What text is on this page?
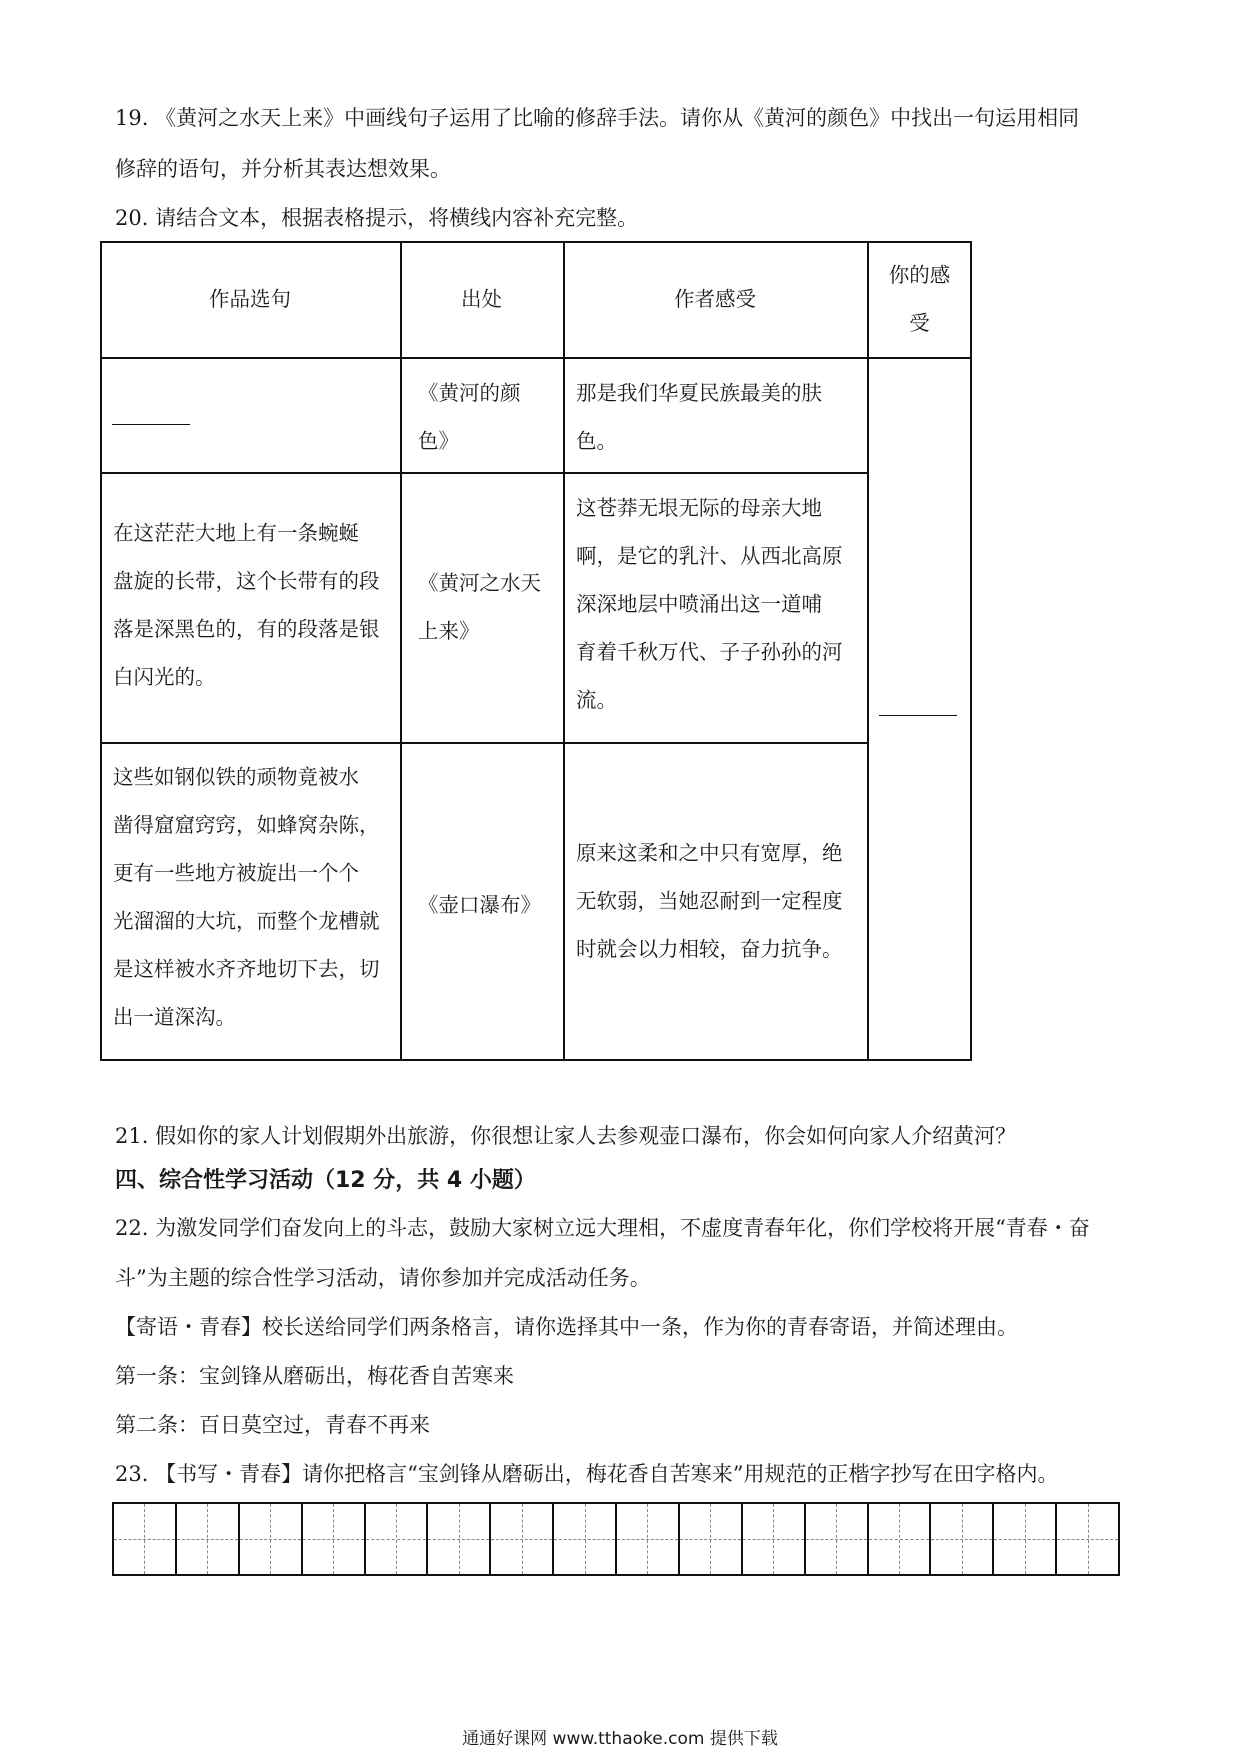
19. 《黄河之水天上来》中画线句子运用了比喻的修辞手法。请你从《黄河的颜色》中找出一句运用相同
修辞的语句，并分析其表达想效果。
20. 请结合文本，根据表格提示，将横线内容补充完整。
作品选句	出处	作者感受
你的感
受
《黄河的颜
色》
那是我们华夏民族最美的肤
色。
在这茫茫大地上有一条蜿蜒
盘旋的长带，这个长带有的段
落是深黑色的，有的段落是银
白闪光的。
《黄河之水天
上来》
这苍莽无垠无际的母亲大地
啊，是它的乳汁、从西北高原
深深地层中喷涌出这一道哺
育着千秋万代、子子孙孙的河
流。
这些如钢似铁的顽物竟被水
凿得窟窟窍窍，如蜂窝杂陈，
更有一些地方被旋出一个个
光溜溜的大坑，而整个龙槽就
是这样被水齐齐地切下去，切
出一道深沟。
《壶口瀑布》
原来这柔和之中只有宽厚，绝
无软弱，当她忍耐到一定程度
时就会以力相较，奋力抗争。
21. 假如你的家人计划假期外出旅游，你很想让家人去参观壶口瀑布，你会如何向家人介绍黄河？
四、综合性学习活动（12 分，共 4 小题）
22. 为激发同学们奋发向上的斗志，鼓励大家树立远大理相，不虚度青春年化，你们学校将开展“青春・奋
斗”为主题的综合性学习活动，请你参加并完成活动任务。
【寄语・青春】校长送给同学们两条格言，请你选择其中一条，作为你的青春寄语，并简述理由。
第一条：宝剑锋从磨砺出，梅花香自苦寒来
第二条：百日莫空过，青春不再来
23. 【书写・青春】请你把格言“宝剑锋从磨砺出，梅花香自苦寒来”用规范的正楷字抄写在田字格内。
通通好课网 www.tthaoke.com 提供下载
